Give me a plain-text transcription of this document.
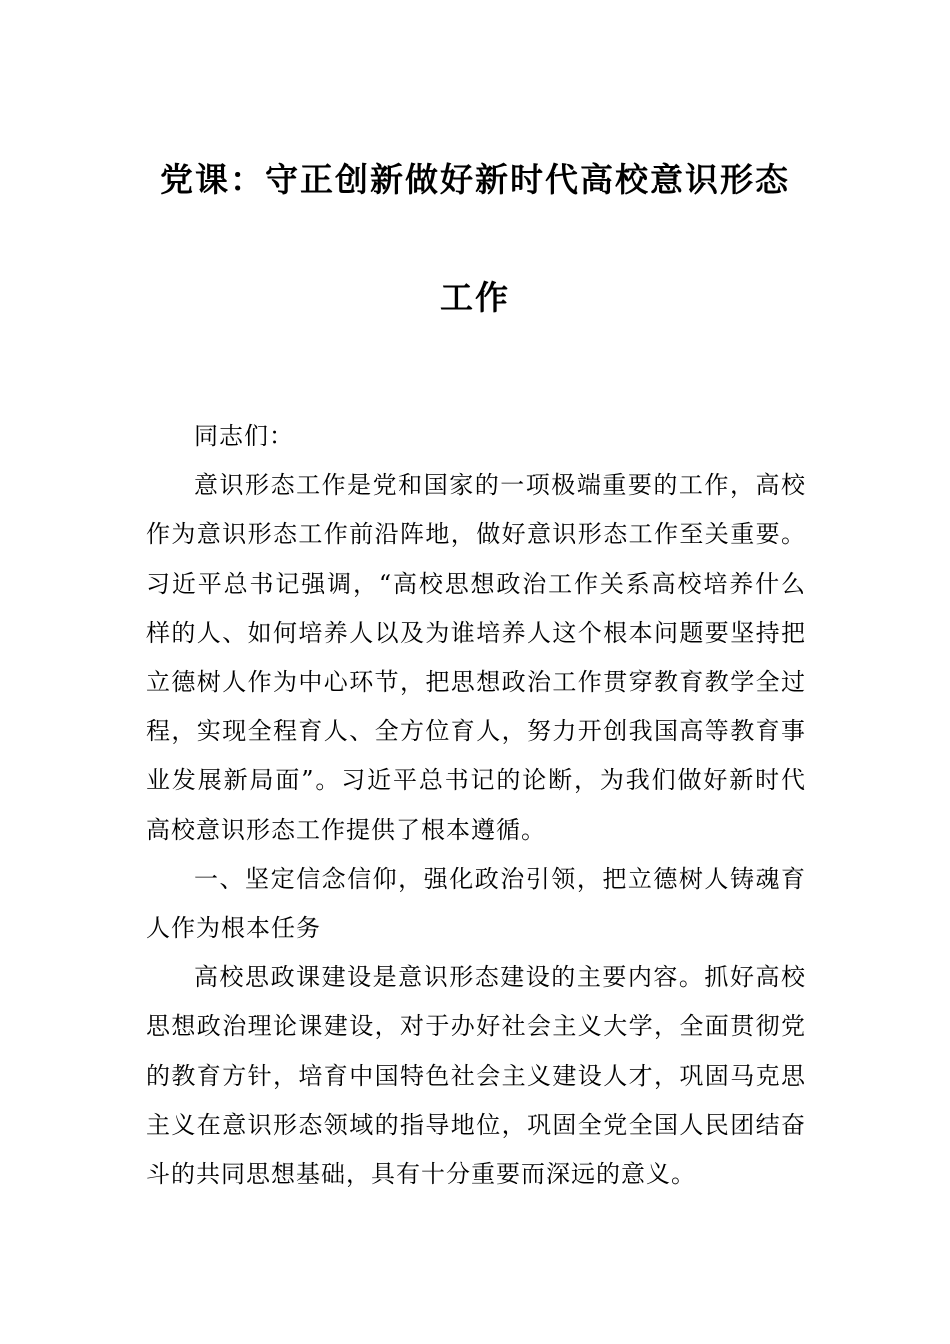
党课：守正创新做好新时代高校意识形态
工作

同志们：

意识形态工作是党和国家的一项极端重要的工作，高校作为意识形态工作前沿阵地，做好意识形态工作至关重要。习近平总书记强调，“高校思想政治工作关系高校培养什么样的人、如何培养人以及为谁培养人这个根本问题要坚持把立德树人作为中心环节，把思想政治工作贯穿教育教学全过程，实现全程育人、全方位育人，努力开创我国高等教育事业发展新局面”。习近平总书记的论断，为我们做好新时代高校意识形态工作提供了根本遵循。

一、坚定信念信仰，强化政治引领，把立德树人铸魂育人作为根本任务

高校思政课建设是意识形态建设的主要内容。抓好高校思想政治理论课建设，对于办好社会主义大学，全面贯彻党的教育方针，培育中国特色社会主义建设人才，巩固马克思主义在意识形态领域的指导地位，巩固全党全国人民团结奋斗的共同思想基础，具有十分重要而深远的意义。
